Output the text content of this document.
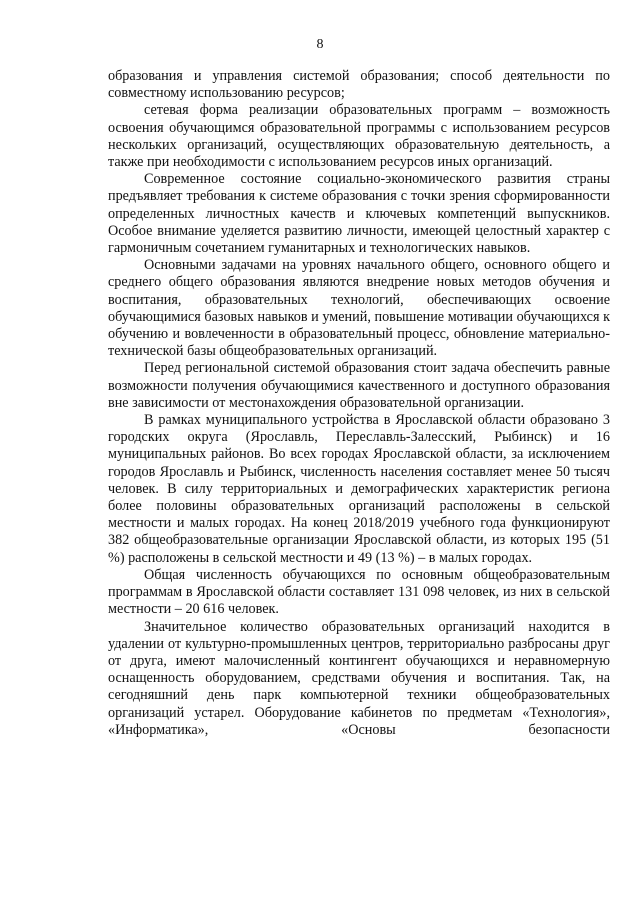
8

образования и управления системой образования; способ деятельности по совместному использованию ресурсов;

сетевая форма реализации образовательных программ – возможность освоения обучающимся образовательной программы с использованием ресурсов нескольких организаций, осуществляющих образовательную деятельность, а также при необходимости с использованием ресурсов иных организаций.

Современное состояние социально-экономического развития страны предъявляет требования к системе образования с точки зрения сформированности определенных личностных качеств и ключевых компетенций выпускников. Особое внимание уделяется развитию личности, имеющей целостный характер с гармоничным сочетанием гуманитарных и технологических навыков.

Основными задачами на уровнях начального общего, основного общего и среднего общего образования являются внедрение новых методов обучения и воспитания, образовательных технологий, обеспечивающих освоение обучающимися базовых навыков и умений, повышение мотивации обучающихся к обучению и вовлеченности в образовательный процесс, обновление материально-технической базы общеобразовательных организаций.

Перед региональной системой образования стоит задача обеспечить равные возможности получения обучающимися качественного и доступного образования вне зависимости от местонахождения образовательной организации.

В рамках муниципального устройства в Ярославской области образовано 3 городских округа (Ярославль, Переславль-Залесский, Рыбинск) и 16 муниципальных районов. Во всех городах Ярославской области, за исключением городов Ярославль и Рыбинск, численность населения составляет менее 50 тысяч человек. В силу территориальных и демографических характеристик региона более половины образовательных организаций расположены в сельской местности и малых городах. На конец 2018/2019 учебного года функционируют 382 общеобразовательные организации Ярославской области, из которых 195 (51 %) расположены в сельской местности и 49 (13 %) – в малых городах.

Общая численность обучающихся по основным общеобразовательным программам в Ярославской области составляет 131 098 человек, из них в сельской местности – 20 616 человек.

Значительное количество образовательных организаций находится в удалении от культурно-промышленных центров, территориально разбросаны друг от друга, имеют малочисленный контингент обучающихся и неравномерную оснащенность оборудованием, средствами обучения и воспитания. Так, на сегодняшний день парк компьютерной техники общеобразовательных организаций устарел. Оборудование кабинетов по предметам «Технология», «Информатика», «Основы безопасности
